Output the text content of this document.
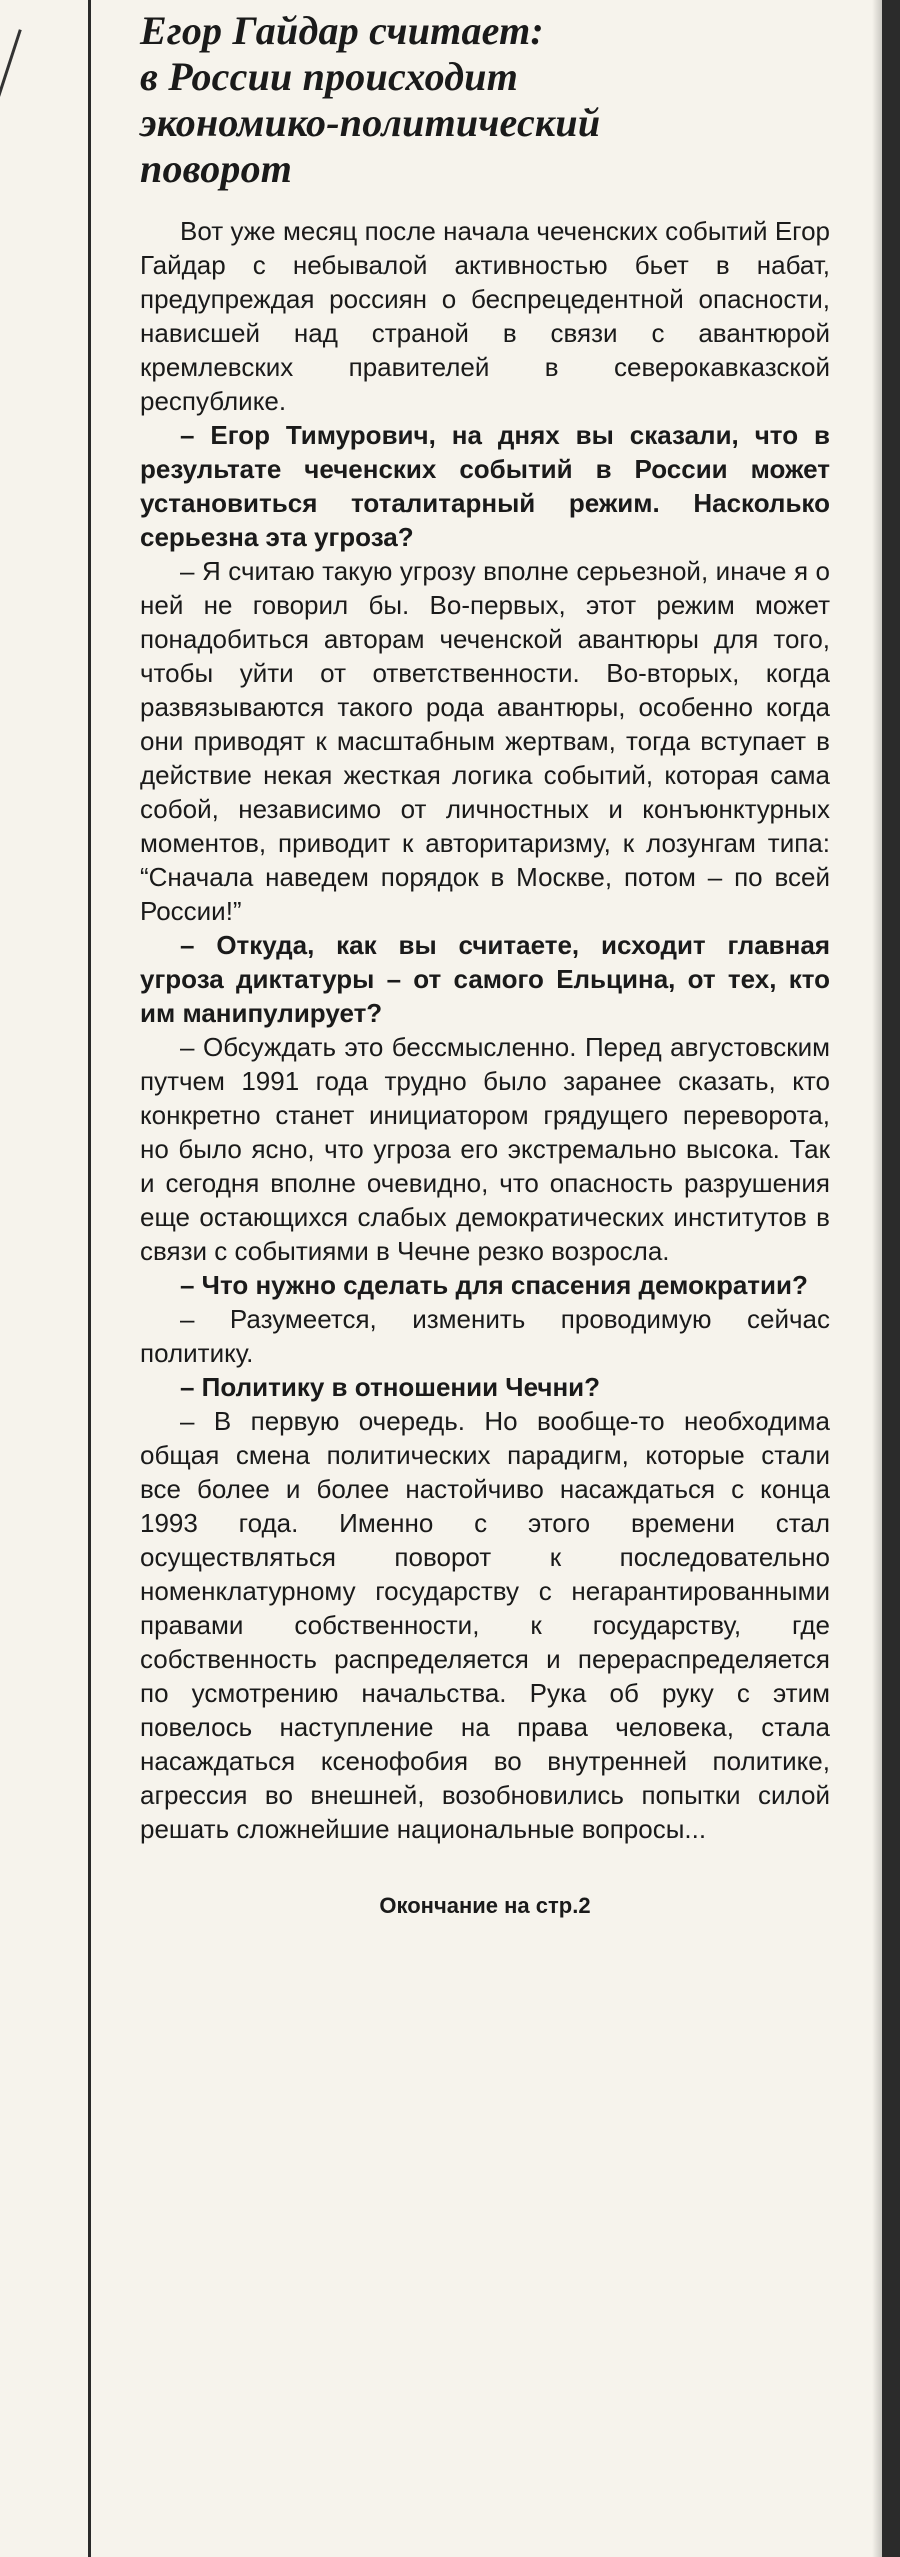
Егор Гайдар считает:
в России происходит
экономико-политический
поворот

Вот уже месяц после начала чеченских событий Егор Гайдар с небывалой активностью бьет в набат, предупреждая россиян о беспрецедентной опасности, нависшей над страной в связи с авантюрой кремлевских правителей в северокавказской республике.

– Егор Тимурович, на днях вы сказали, что в результате чеченских событий в России может установиться тоталитарный режим. Насколько серьезна эта угроза?

– Я считаю такую угрозу вполне серьезной, иначе я о ней не говорил бы. Во-первых, этот режим может понадобиться авторам чеченской авантюры для того, чтобы уйти от ответственности. Во-вторых, когда развязываются такого рода авантюры, особенно когда они приводят к масштабным жертвам, тогда вступает в действие некая жесткая логика событий, которая сама собой, независимо от личностных и конъюнктурных моментов, приводит к авторитаризму, к лозунгам типа: “Сначала наведем порядок в Москве, потом – по всей России!”

– Откуда, как вы считаете, исходит главная угроза диктатуры – от самого Ельцина, от тех, кто им манипулирует?

– Обсуждать это бессмысленно. Перед августовским путчем 1991 года трудно было заранее сказать, кто конкретно станет инициатором грядущего переворота, но было ясно, что угроза его экстремально высока. Так и сегодня вполне очевидно, что опасность разрушения еще остающихся слабых демократических институтов в связи с событиями в Чечне резко возросла.

– Что нужно сделать для спасения демократии?

– Разумеется, изменить проводимую сейчас политику.

– Политику в отношении Чечни?

– В первую очередь. Но вообще-то необходима общая смена политических парадигм, которые стали все более и более настойчиво насаждаться с конца 1993 года. Именно с этого времени стал осуществляться поворот к последовательно номенклатурному государству с негарантированными правами собственности, к государству, где собственность распределяется и перераспределяется по усмотрению начальства. Рука об руку с этим повелось наступление на права человека, стала насаждаться ксенофобия во внутренней политике, агрессия во внешней, возобновились попытки силой решать сложнейшие национальные вопросы...

Окончание на стр.2
